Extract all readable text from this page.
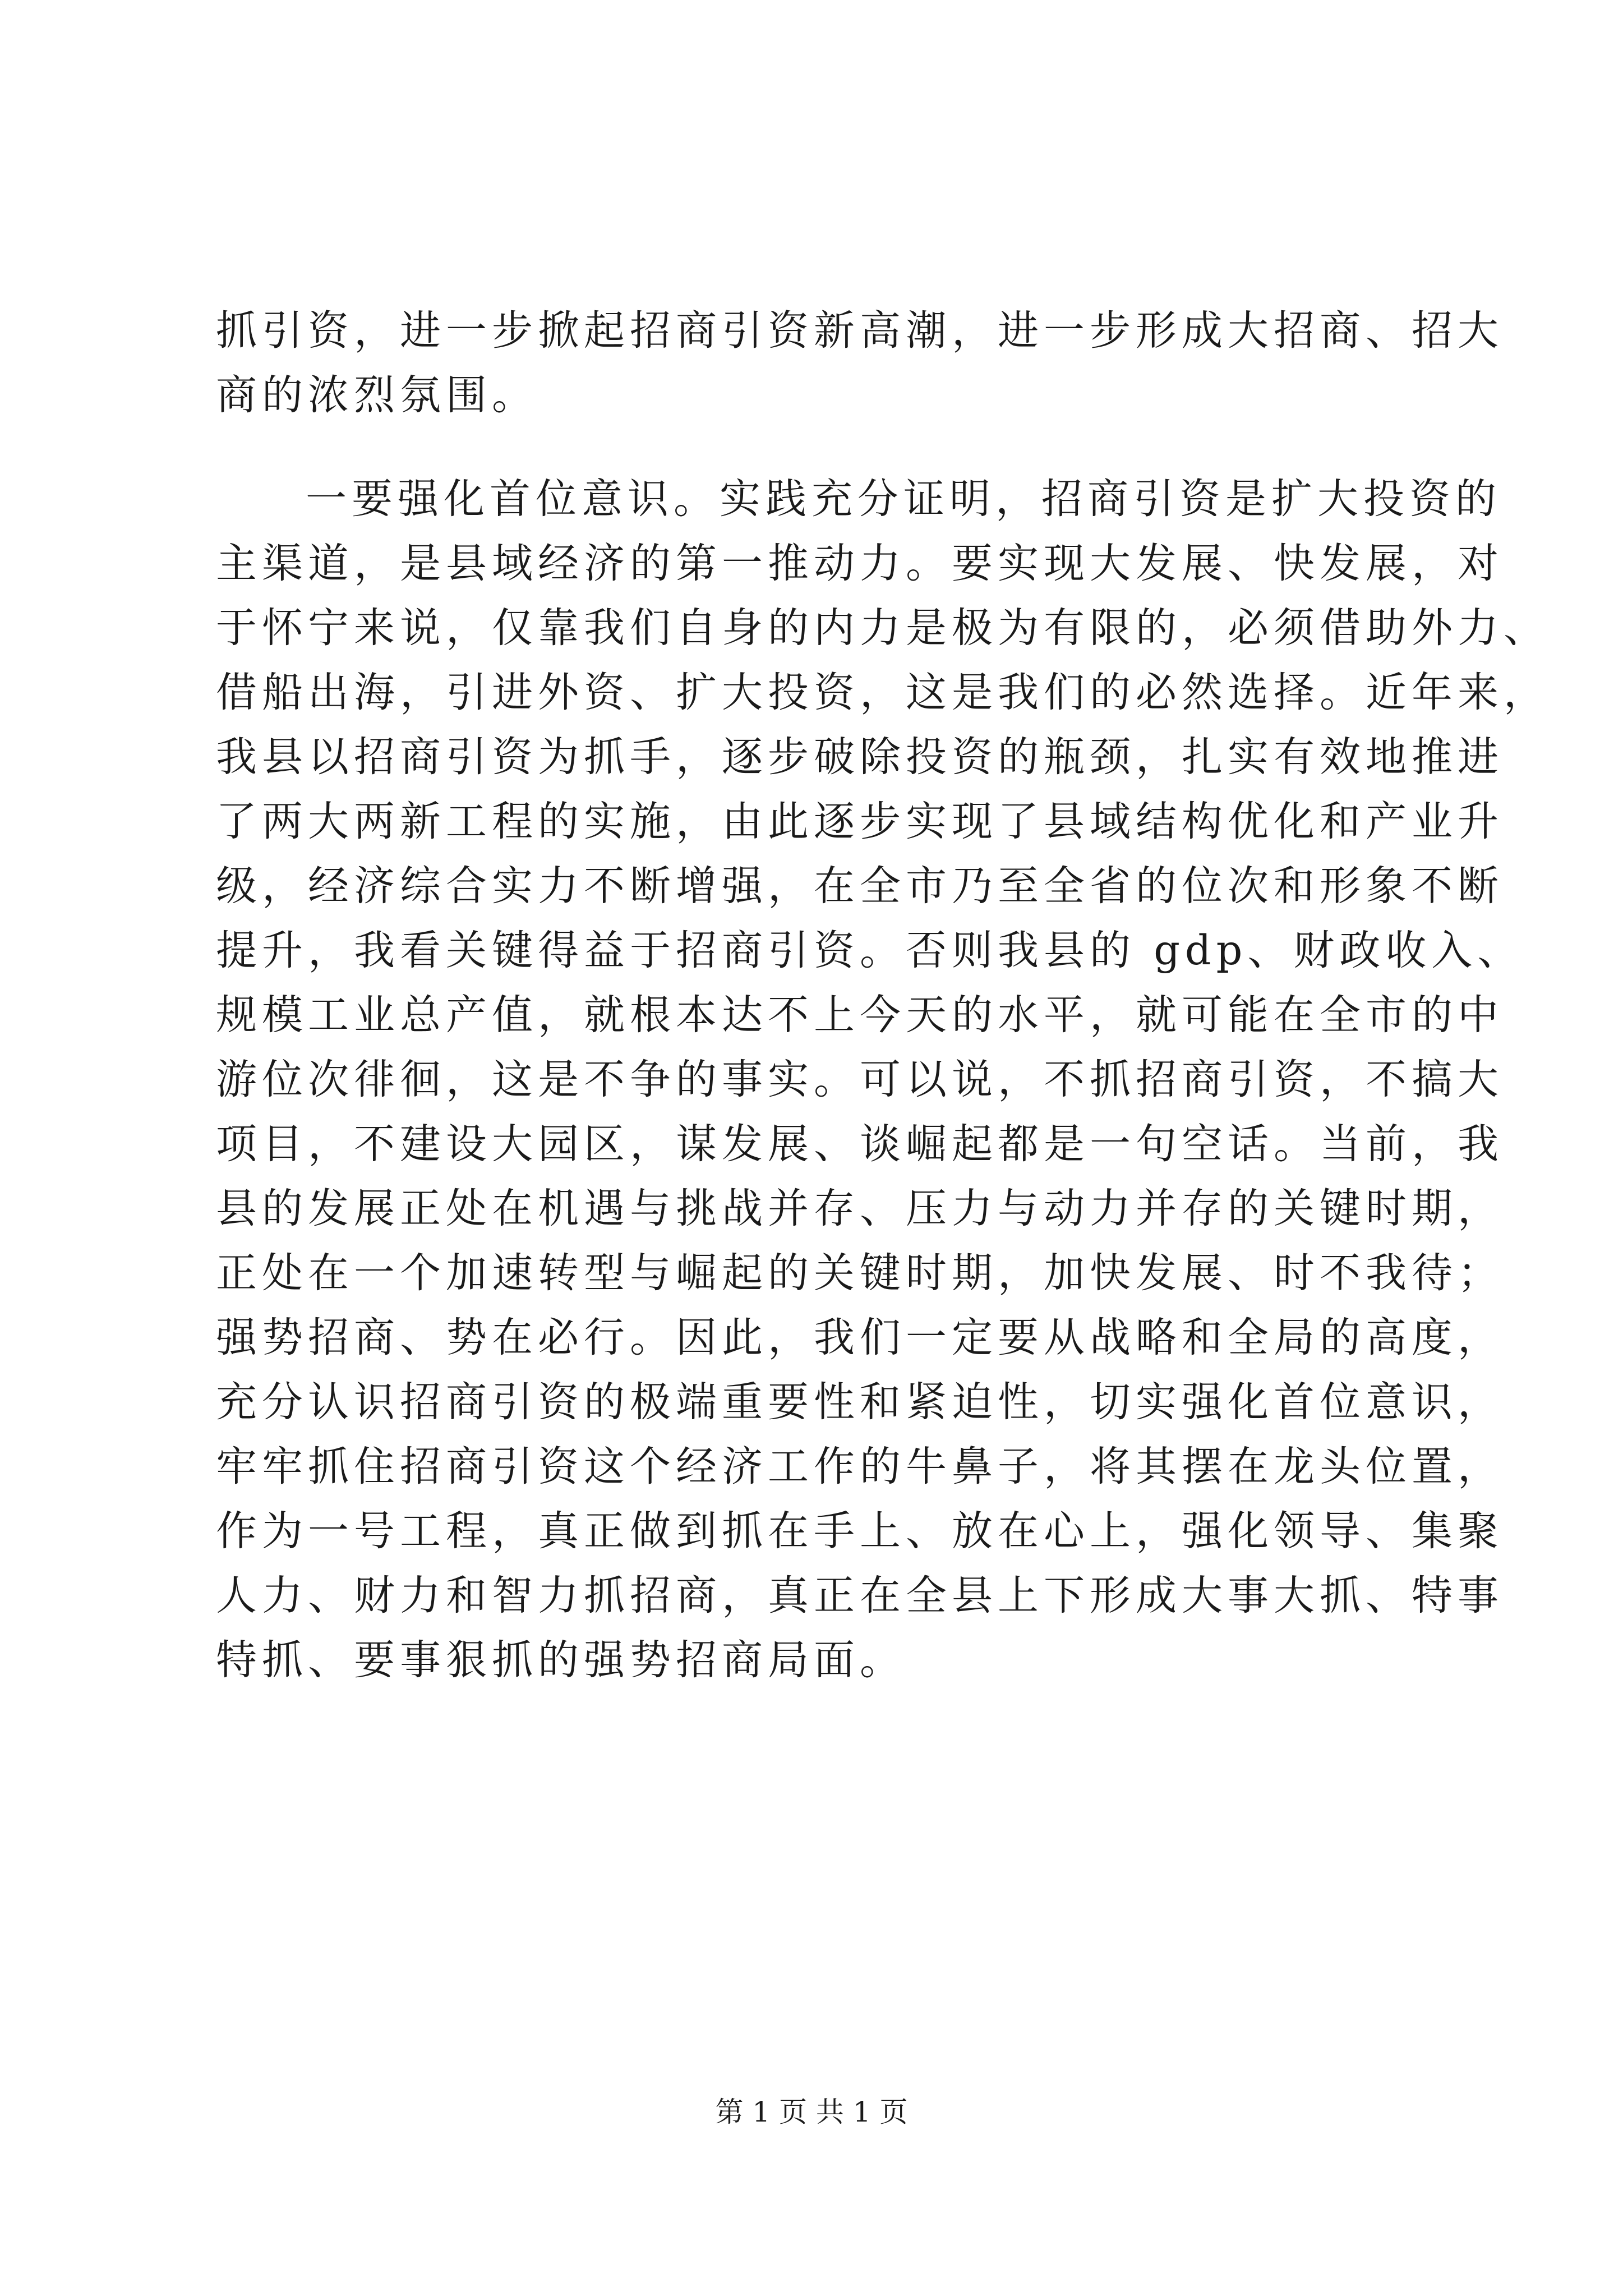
抓引资，进一步掀起招商引资新高潮，进一步形成大招商、招大
商的浓烈氛围。
一要强化首位意识。实践充分证明，招商引资是扩大投资的
主渠道，是县域经济的第一推动力。要实现大发展、快发展，对
于怀宁来说，仅靠我们自身的内力是极为有限的，必须借助外力、
借船出海，引进外资、扩大投资，这是我们的必然选择。近年来，
我县以招商引资为抓手，逐步破除投资的瓶颈，扎实有效地推进
了两大两新工程的实施，由此逐步实现了县域结构优化和产业升
级，经济综合实力不断增强，在全市乃至全省的位次和形象不断
提升，我看关键得益于招商引资。否则我县的 gdp、财政收入、
规模工业总产值，就根本达不上今天的水平，就可能在全市的中
游位次徘徊，这是不争的事实。可以说，不抓招商引资，不搞大
项目，不建设大园区，谋发展、谈崛起都是一句空话。当前，我
县的发展正处在机遇与挑战并存、压力与动力并存的关键时期，
正处在一个加速转型与崛起的关键时期，加快发展、时不我待；
强势招商、势在必行。因此，我们一定要从战略和全局的高度，
充分认识招商引资的极端重要性和紧迫性，切实强化首位意识，
牢牢抓住招商引资这个经济工作的牛鼻子，将其摆在龙头位置，
作为一号工程，真正做到抓在手上、放在心上，强化领导、集聚
人力、财力和智力抓招商，真正在全县上下形成大事大抓、特事
特抓、要事狠抓的强势招商局面。
第 1 页 共 1 页
